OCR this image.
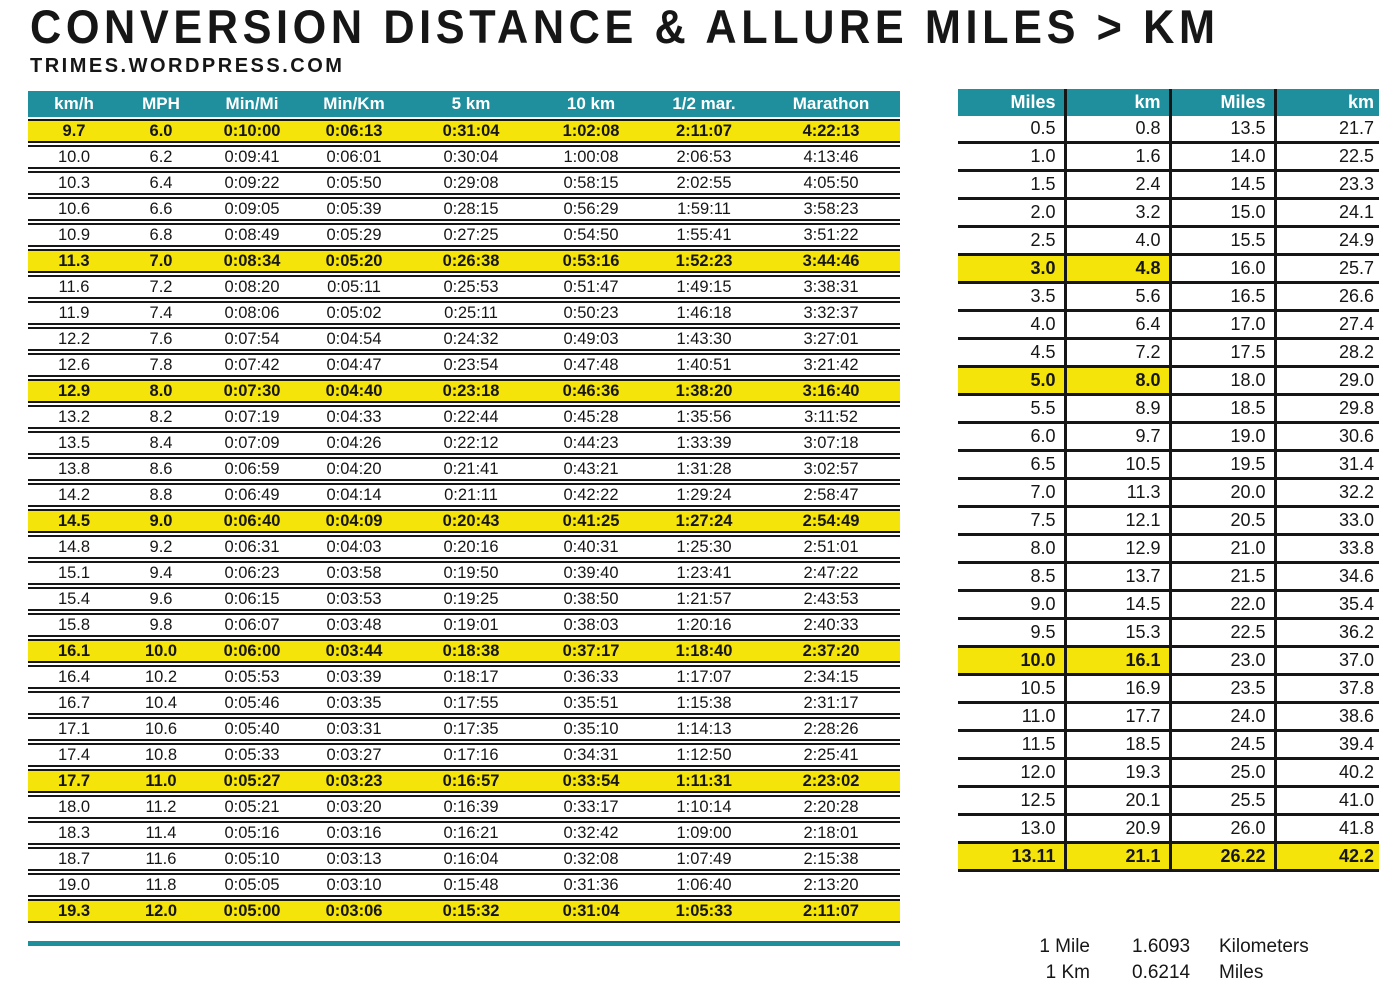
CONVERSION DISTANCE & ALLURE MILES > KM
TRIMES.WORDPRESS.COM
km/h	MPH	Min/Mi	Min/Km	5 km	10 km	1/2 mar.	Marathon
9.7	6.0	0:10:00	0:06:13	0:31:04	1:02:08	2:11:07	4:22:13
10.0	6.2	0:09:41	0:06:01	0:30:04	1:00:08	2:06:53	4:13:46
10.3	6.4	0:09:22	0:05:50	0:29:08	0:58:15	2:02:55	4:05:50
10.6	6.6	0:09:05	0:05:39	0:28:15	0:56:29	1:59:11	3:58:23
10.9	6.8	0:08:49	0:05:29	0:27:25	0:54:50	1:55:41	3:51:22
11.3	7.0	0:08:34	0:05:20	0:26:38	0:53:16	1:52:23	3:44:46
11.6	7.2	0:08:20	0:05:11	0:25:53	0:51:47	1:49:15	3:38:31
11.9	7.4	0:08:06	0:05:02	0:25:11	0:50:23	1:46:18	3:32:37
12.2	7.6	0:07:54	0:04:54	0:24:32	0:49:03	1:43:30	3:27:01
12.6	7.8	0:07:42	0:04:47	0:23:54	0:47:48	1:40:51	3:21:42
12.9	8.0	0:07:30	0:04:40	0:23:18	0:46:36	1:38:20	3:16:40
13.2	8.2	0:07:19	0:04:33	0:22:44	0:45:28	1:35:56	3:11:52
13.5	8.4	0:07:09	0:04:26	0:22:12	0:44:23	1:33:39	3:07:18
13.8	8.6	0:06:59	0:04:20	0:21:41	0:43:21	1:31:28	3:02:57
14.2	8.8	0:06:49	0:04:14	0:21:11	0:42:22	1:29:24	2:58:47
14.5	9.0	0:06:40	0:04:09	0:20:43	0:41:25	1:27:24	2:54:49
14.8	9.2	0:06:31	0:04:03	0:20:16	0:40:31	1:25:30	2:51:01
15.1	9.4	0:06:23	0:03:58	0:19:50	0:39:40	1:23:41	2:47:22
15.4	9.6	0:06:15	0:03:53	0:19:25	0:38:50	1:21:57	2:43:53
15.8	9.8	0:06:07	0:03:48	0:19:01	0:38:03	1:20:16	2:40:33
16.1	10.0	0:06:00	0:03:44	0:18:38	0:37:17	1:18:40	2:37:20
16.4	10.2	0:05:53	0:03:39	0:18:17	0:36:33	1:17:07	2:34:15
16.7	10.4	0:05:46	0:03:35	0:17:55	0:35:51	1:15:38	2:31:17
17.1	10.6	0:05:40	0:03:31	0:17:35	0:35:10	1:14:13	2:28:26
17.4	10.8	0:05:33	0:03:27	0:17:16	0:34:31	1:12:50	2:25:41
17.7	11.0	0:05:27	0:03:23	0:16:57	0:33:54	1:11:31	2:23:02
18.0	11.2	0:05:21	0:03:20	0:16:39	0:33:17	1:10:14	2:20:28
18.3	11.4	0:05:16	0:03:16	0:16:21	0:32:42	1:09:00	2:18:01
18.7	11.6	0:05:10	0:03:13	0:16:04	0:32:08	1:07:49	2:15:38
19.0	11.8	0:05:05	0:03:10	0:15:48	0:31:36	1:06:40	2:13:20
19.3	12.0	0:05:00	0:03:06	0:15:32	0:31:04	1:05:33	2:11:07
Miles	km	Miles	km
0.5	0.8	13.5	21.7
1.0	1.6	14.0	22.5
1.5	2.4	14.5	23.3
2.0	3.2	15.0	24.1
2.5	4.0	15.5	24.9
3.0	4.8	16.0	25.7
3.5	5.6	16.5	26.6
4.0	6.4	17.0	27.4
4.5	7.2	17.5	28.2
5.0	8.0	18.0	29.0
5.5	8.9	18.5	29.8
6.0	9.7	19.0	30.6
6.5	10.5	19.5	31.4
7.0	11.3	20.0	32.2
7.5	12.1	20.5	33.0
8.0	12.9	21.0	33.8
8.5	13.7	21.5	34.6
9.0	14.5	22.0	35.4
9.5	15.3	22.5	36.2
10.0	16.1	23.0	37.0
10.5	16.9	23.5	37.8
11.0	17.7	24.0	38.6
11.5	18.5	24.5	39.4
12.0	19.3	25.0	40.2
12.5	20.1	25.5	41.0
13.0	20.9	26.0	41.8
13.11	21.1	26.22	42.2
1 Mile 1.6093	Kilometers
1 Km 0.6214	Miles
